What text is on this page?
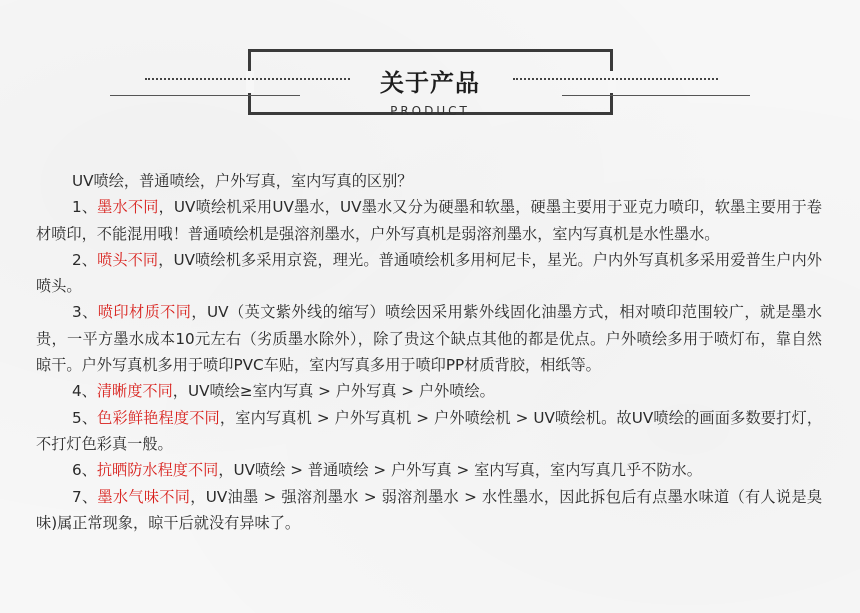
关于产品
PRODUCT

UV喷绘，普通喷绘，户外写真，室内写真的区别？

1、墨水不同，UV喷绘机采用UV墨水，UV墨水又分为硬墨和软墨，硬墨主要用于亚克力喷印，软墨主要用于卷材喷印，不能混用哦！普通喷绘机是强溶剂墨水，户外写真机是弱溶剂墨水，室内写真机是水性墨水。

2、喷头不同，UV喷绘机多采用京瓷，理光。普通喷绘机多用柯尼卡，星光。户内外写真机多采用爱普生户内外喷头。

3、喷印材质不同，UV（英文紫外线的缩写）喷绘因采用紫外线固化油墨方式，相对喷印范围较广，就是墨水贵，一平方墨水成本10元左右（劣质墨水除外），除了贵这个缺点其他的都是优点。户外喷绘多用于喷灯布，靠自然晾干。户外写真机多用于喷印PVC车贴，室内写真多用于喷印PP材质背胶，相纸等。

4、清晰度不同，UV喷绘≥室内写真 > 户外写真 > 户外喷绘。

5、色彩鲜艳程度不同，室内写真机 > 户外写真机 > 户外喷绘机 > UV喷绘机。故UV喷绘的画面多数要打灯，不打灯色彩真一般。

6、抗晒防水程度不同，UV喷绘 > 普通喷绘 > 户外写真 > 室内写真，室内写真几乎不防水。

7、墨水气味不同，UV油墨 > 强溶剂墨水 > 弱溶剂墨水 > 水性墨水，因此拆包后有点墨水味道（有人说是臭味)属正常现象，晾干后就没有异味了。
